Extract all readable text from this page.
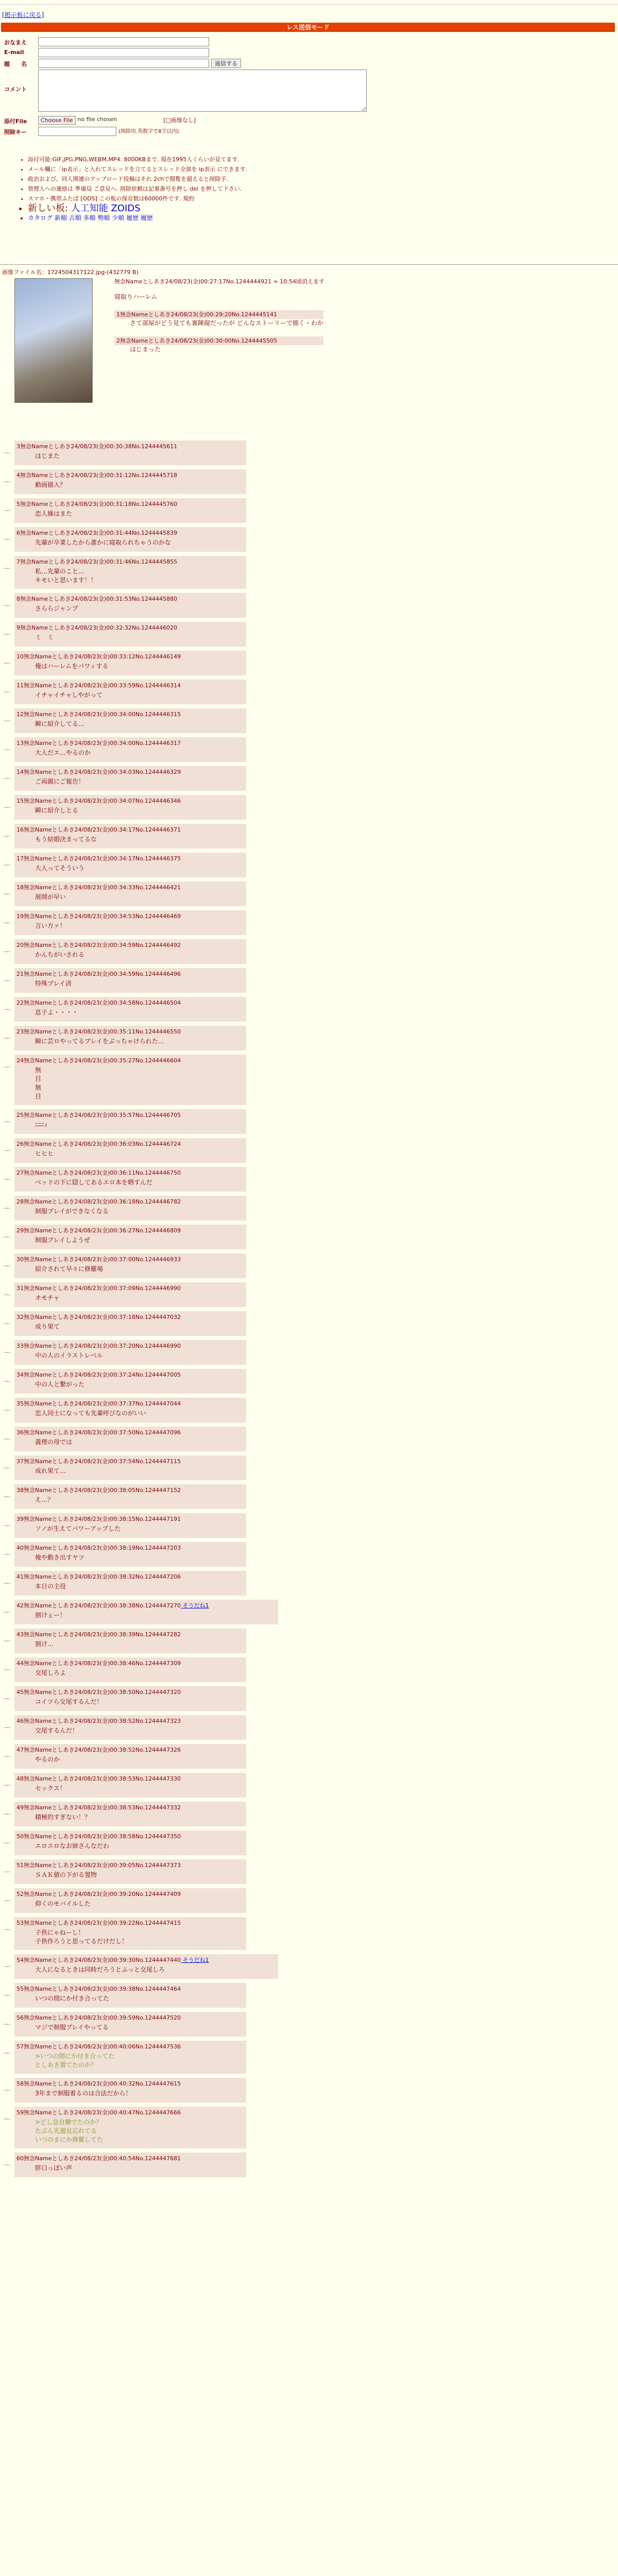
[掲示板に戻る]
レス送信モード
おなまえ
E-mail
題　　名	返信する
コメント
添付File	Choose File no file chosen	[□画像なし]
削除キー	(削除用.英数字で8字以内)
• 添付可能:GIF,JPG,PNG,WEBM,MP4. 8000KBまで. 現在1995人くらいが見てます.
• メール欄に「ip表示」と入れてスレッドを立てるとスレッド全部を ip表示 にできます.
• 政治および、同人関連のアップロード投稿はそれ 2chで閲覧を超えると削除予.
• 管理人への連絡は 準備局 ご意見へ. 削除依頼は記事番号を押し del を押して下さい.
• スマホ・携帯ふたば [ODS] この板の保存数は60000件です. 規約
• 新しい板: 人工知能 ZOIDS
• カタログ 新順 古順 多順 勢順 少順 履歴 履歴
画像ファイル名：1724504317122.jpg-(432779 B)
無念Nameとしあき24/08/23(金)00:27:17No.1244444921 = 10:54頃消えます
寝取りハーレム
1無念Nameとしあき24/08/23(金)00:29:20No.1244445141
さて部屋がどう見ても裏陳腐だったが どんなストーリーで描く・わか
2無念Nameとしあき24/08/23(金)00:30:00No.1244445505
はじまった
…
3無念Nameとしあき24/08/23(金)00:30:38No.1244445611
はじまた
…
4無念Nameとしあき24/08/23(金)00:31:12No.1244445718
動画描入？
…
5無念Nameとしあき24/08/23(金)00:31:18No.1244445760
恋人繰はまた
…
6無念Nameとしあき24/08/23(金)00:31:44No.1244445839
先輩が卒業したから誰かに寝取られちゃうのかな
…
7無念Nameとしあき24/08/23(金)00:31:46No.1244445855
私…先輩のこと…
キモいと思います！！
…
8無念Nameとしあき24/08/23(金)00:31:53No.1244445880
さららジャンプ
…
9無念Nameとしあき24/08/23(金)00:32:32No.1244446020
ミ　ミ
…
10無念Nameとしあき24/08/23(金)00:33:12No.1244446149
俺はハーレムをパワィする
…
11無念Nameとしあき24/08/23(金)00:33:59No.1244446314
イチャイチャしやがって
…
12無念Nameとしあき24/08/23(金)00:34:00No.1244446315
瞬に紹介してる…
…
13無念Nameとしあき24/08/23(金)00:34:00No.1244446317
大人だエ…やるのか
…
14無念Nameとしあき24/08/23(金)00:34:03No.1244446329
ご両親にご報告！
…
15無念Nameとしあき24/08/23(金)00:34:07No.1244446346
瞬に紹介しとる
…
16無念Nameとしあき24/08/23(金)00:34:17No.1244446371
もう結婚決まってるな
…
17無念Nameとしあき24/08/23(金)00:34:17No.1244446375
大人ってそういう
…
18無念Nameとしあき24/08/23(金)00:34:33No.1244446421
展開が早い
…
19無念Nameとしあき24/08/23(金)00:34:53No.1244446469
言い方ァ！
…
20無念Nameとしあき24/08/23(金)00:34:59No.1244446492
かんちがいされる
…
21無念Nameとしあき24/08/23(金)00:34:59No.1244446496
特殊プレイ済
…
22無念Nameとしあき24/08/23(金)00:34:58No.1244446504
息子よ・・・・
…
23無念Nameとしあき24/08/23(金)00:35:11No.1244446550
瞬に芸ロやってるプレイをぶっちゃけられた…
…
24無念Nameとしあき24/08/23(金)00:35:27No.1244446604
無
目
無
目
…
25無念Nameとしあき24/08/23(金)00:35:57No.1244446705
ﾆﾆﾆｨ
…
26無念Nameとしあき24/08/23(金)00:36:03No.1244446724
ヒヒヒ
…
27無念Nameとしあき24/08/23(金)00:36:11No.1244446750
ベッドの下に隠してあるエロ本を晒すんだ
…
28無念Nameとしあき24/08/23(金)00:36:18No.1244446782
制服プレイができなくなる
…
29無念Nameとしあき24/08/23(金)00:36:27No.1244446809
制服プレイしようぜ
…
30無念Nameとしあき24/08/23(金)00:37:00No.1244446933
紹介されて早々に修羅場
…
31無念Nameとしあき24/08/23(金)00:37:09No.1244446990
オモチャ
…
32無念Nameとしあき24/08/23(金)00:37:18No.1244447032
成り果て
…
33無念Nameとしあき24/08/23(金)00:37:20No.1244446990
中の人のイラストレベル
…
34無念Nameとしあき24/08/23(金)00:37:24No.1244447005
中の人と繋がった
…
35無念Nameとしあき24/08/23(金)00:37:37No.1244447044
恋人同士になっても先輩呼びなのがいい
…
36無念Nameとしあき24/08/23(金)00:37:50No.1244447096
義理の母では
…
37無念Nameとしあき24/08/23(金)00:37:54No.1244447115
成れ果て…
…
38無念Nameとしあき24/08/23(金)00:38:05No.1244447152
え…？
…
39無念Nameとしあき24/08/23(金)00:38:15No.1244447191
ソノが生えてパワーアップした
…
40無念Nameとしあき24/08/23(金)00:38:19No.1244447203
俺や動き出すヤツ
…
41無念Nameとしあき24/08/23(金)00:38:32No.1244447206
本日の主役
…
42無念Nameとしあき24/08/23(金)00:38:38No.1244447270 そうだね1
割けぇー！
…
43無念Nameとしあき24/08/23(金)00:38:39No.1244447282
割け…
…
44無念Nameとしあき24/08/23(金)00:38:46No.1244447309
交尾しろよ
…
45無念Nameとしあき24/08/23(金)00:38:50No.1244447320
コイツら交尾するんだ！
…
46無念Nameとしあき24/08/23(金)00:38:52No.1244447323
交尾するんだ！
…
47無念Nameとしあき24/08/23(金)00:38:52No.1244447326
やるのか
…
48無念Nameとしあき24/08/23(金)00:38:53No.1244447330
セックス！
…
49無念Nameとしあき24/08/23(金)00:38:53No.1244447332
積極的すぎない！？
…
50無念Nameとしあき24/08/23(金)00:38:58No.1244447350
エロエロなお姉さんなだわ
…
51無念Nameとしあき24/08/23(金)00:39:05No.1244447373
ＳＡＫ値の下がる置物
…
52無念Nameとしあき24/08/23(金)00:39:20No.1244447409
仰くのモバイルした
…
53無念Nameとしあき24/08/23(金)00:39:22No.1244447415
子供にゃねーし！
子供作ろうと思ってるだけだし！
…
54無念Nameとしあき24/08/23(金)00:39:30No.1244447440 そうだね1
大人になるときは同時だろうとふっと交尾しろ
…
55無念Nameとしあき24/08/23(金)00:39:38No.1244447464
いつの間にか付き合ってた
…
56無念Nameとしあき24/08/23(金)00:39:59No.1244447520
マジで制服プレイやってる
…
57無念Nameとしあき24/08/23(金)00:40:06No.1244447536
>いつの間にか付き合ってた
としあき置てたのか？
…
58無念Nameとしあき24/08/23(金)00:40:32No.1244447615
3年まで制服着るのは合法だから！
…
59無念Nameとしあき24/08/23(金)00:40:47No.1244447666
>どし急自働でたのか？
たぶん先週見忘れてる
いつのまにか修羅してた
…
60無念Nameとしあき24/08/23(金)00:40:54No.1244447681
胖口っぽい声
